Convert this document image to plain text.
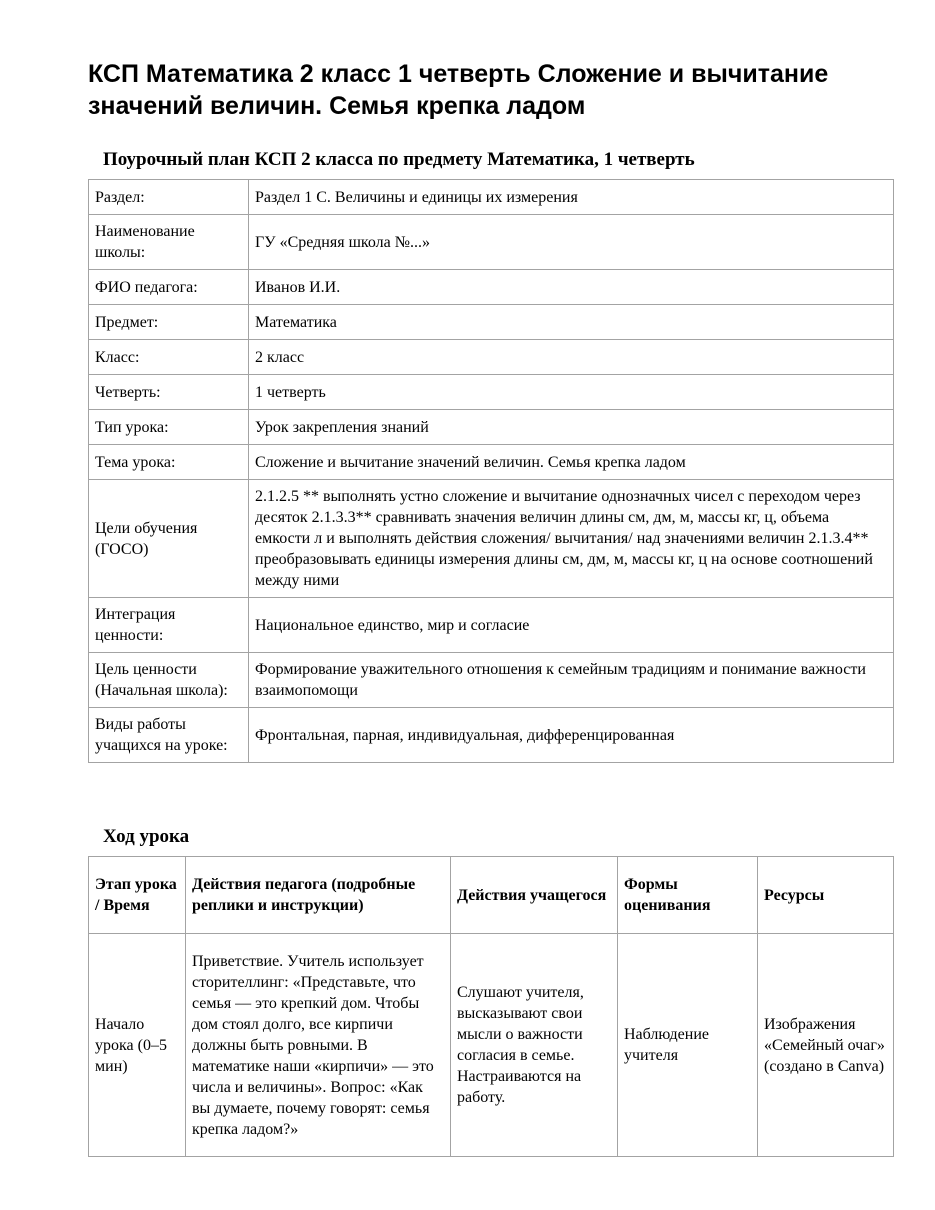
КСП Математика 2 класс 1 четверть Сложение и вычитание значений величин. Семья крепка ладом
Поурочный план КСП 2 класса по предмету Математика, 1 четверть
Раздел:	Раздел 1 С. Величины и единицы их измерения
Наименование школы:	ГУ «Средняя школа №...»
ФИО педагога:	Иванов И.И.
Предмет:	Математика
Класс:	2 класс
Четверть:	1 четверть
Тип урока:	Урок закрепления знаний
Тема урока:	Сложение и вычитание значений величин. Семья крепка ладом
Цели обучения (ГОСО)	2.1.2.5 ** выполнять устно сложение и вычитание однозначных чисел с переходом через десяток 2.1.3.3** сравнивать значения величин длины см, дм, м, массы кг, ц, объема емкости л и выполнять действия сложения/ вычитания/ над значениями величин 2.1.3.4** преобразовывать единицы измерения длины см, дм, м, массы кг, ц на основе соотношений между ними
Интеграция ценности:	Национальное единство, мир и согласие
Цель ценности (Начальная школа):	Формирование уважительного отношения к семейным традициям и понимание важности взаимопомощи
Виды работы учащихся на уроке:	Фронтальная, парная, индивидуальная, дифференцированная
Ход урока
Этап урока / Время	Действия педагога (подробные реплики и инструкции)	Действия учащегося	Формы оценивания	Ресурсы
Начало урока (0–5 мин)	Приветствие. Учитель использует сторителлинг: «Представьте, что семья — это крепкий дом. Чтобы дом стоял долго, все кирпичи должны быть ровными. В математике наши «кирпичи» — это числа и величины». Вопрос: «Как вы думаете, почему говорят: семья крепка ладом?»	Слушают учителя, высказывают свои мысли о важности согласия в семье. Настраиваются на работу.	Наблюдение учителя	Изображения «Семейный очаг» (создано в Canva)
